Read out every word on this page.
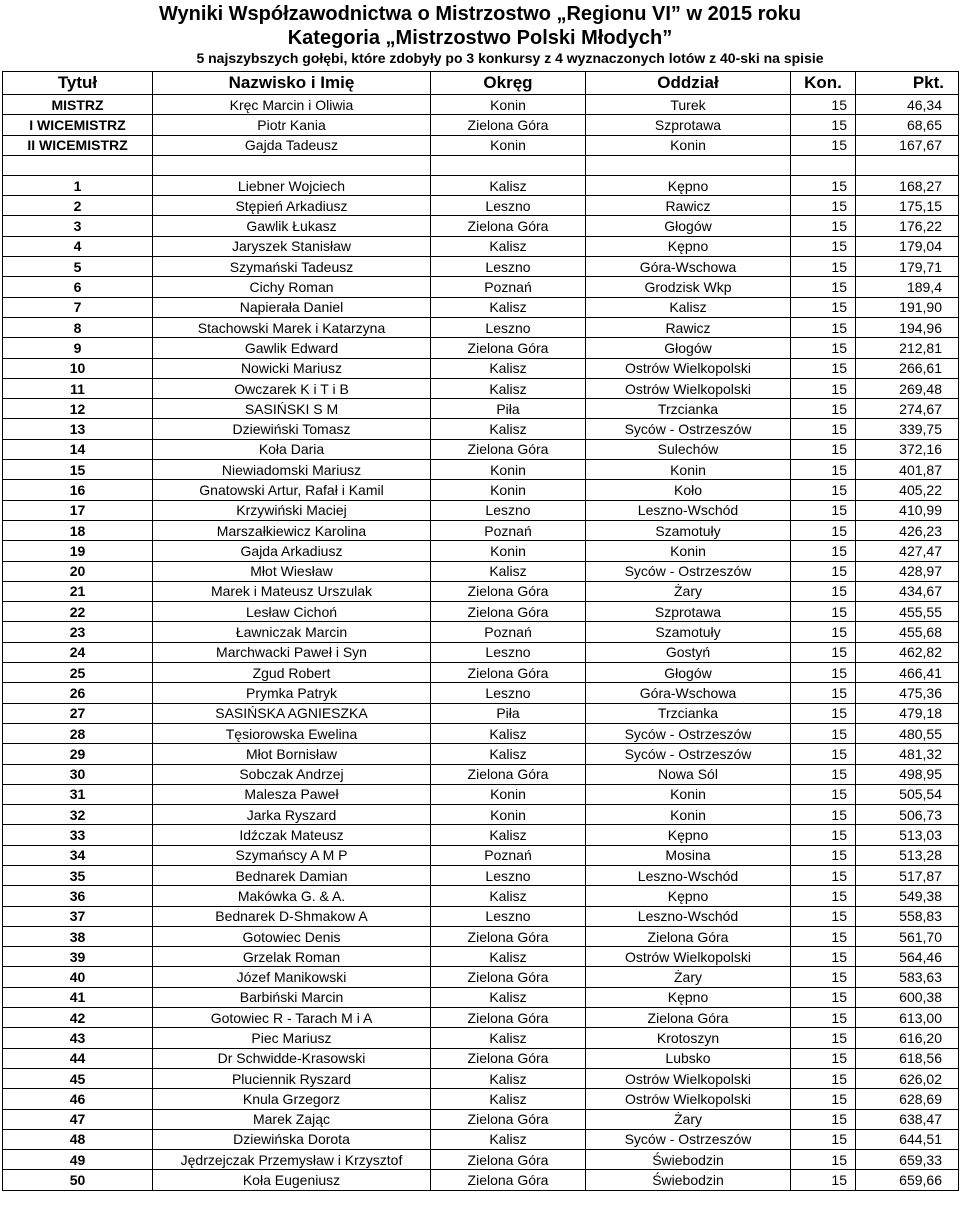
Wyniki Współzawodnictwa o Mistrzostwo „Regionu VI” w 2015 roku
Kategoria „Mistrzostwo Polski Młodych”
5 najszybszych gołębi, które zdobyły po 3 konkursy z 4 wyznaczonych lotów z 40-ski na spisie
Tytuł	Nazwisko i Imię	Okręg	Oddział	Kon.	Pkt.
MISTRZ	Kręc Marcin i Oliwia	Konin	Turek	15	46,34
I WICEMISTRZ	Piotr Kania	Zielona Góra	Szprotawa	15	68,65
II WICEMISTRZ	Gajda Tadeusz	Konin	Konin	15	167,67

1	Liebner Wojciech	Kalisz	Kępno	15	168,27
2	Stępień Arkadiusz	Leszno	Rawicz	15	175,15
3	Gawlik Łukasz	Zielona Góra	Głogów	15	176,22
4	Jaryszek Stanisław	Kalisz	Kępno	15	179,04
5	Szymański Tadeusz	Leszno	Góra-Wschowa	15	179,71
6	Cichy Roman	Poznań	Grodzisk Wkp	15	189,4
7	Napierała Daniel	Kalisz	Kalisz	15	191,90
8	Stachowski Marek i Katarzyna	Leszno	Rawicz	15	194,96
9	Gawlik Edward	Zielona Góra	Głogów	15	212,81
10	Nowicki Mariusz	Kalisz	Ostrów Wielkopolski	15	266,61
11	Owczarek K i T i B	Kalisz	Ostrów Wielkopolski	15	269,48
12	SASIŃSKI S M	Piła	Trzcianka	15	274,67
13	Dziewiński Tomasz	Kalisz	Syców - Ostrzeszów	15	339,75
14	Koła Daria	Zielona Góra	Sulechów	15	372,16
15	Niewiadomski Mariusz	Konin	Konin	15	401,87
16	Gnatowski Artur, Rafał i Kamil	Konin	Koło	15	405,22
17	Krzywiński Maciej	Leszno	Leszno-Wschód	15	410,99
18	Marszałkiewicz Karolina	Poznań	Szamotuły	15	426,23
19	Gajda Arkadiusz	Konin	Konin	15	427,47
20	Młot Wiesław	Kalisz	Syców - Ostrzeszów	15	428,97
21	Marek i Mateusz Urszulak	Zielona Góra	Żary	15	434,67
22	Lesław Cichoń	Zielona Góra	Szprotawa	15	455,55
23	Ławniczak Marcin	Poznań	Szamotuły	15	455,68
24	Marchwacki Paweł i Syn	Leszno	Gostyń	15	462,82
25	Zgud Robert	Zielona Góra	Głogów	15	466,41
26	Prymka Patryk	Leszno	Góra-Wschowa	15	475,36
27	SASIŃSKA AGNIESZKA	Piła	Trzcianka	15	479,18
28	Tęsiorowska Ewelina	Kalisz	Syców - Ostrzeszów	15	480,55
29	Młot Bornisław	Kalisz	Syców - Ostrzeszów	15	481,32
30	Sobczak Andrzej	Zielona Góra	Nowa Sól	15	498,95
31	Malesza Paweł	Konin	Konin	15	505,54
32	Jarka Ryszard	Konin	Konin	15	506,73
33	Idźczak Mateusz	Kalisz	Kępno	15	513,03
34	Szymańscy A M P	Poznań	Mosina	15	513,28
35	Bednarek Damian	Leszno	Leszno-Wschód	15	517,87
36	Makówka G. & A.	Kalisz	Kępno	15	549,38
37	Bednarek D-Shmakow A	Leszno	Leszno-Wschód	15	558,83
38	Gotowiec Denis	Zielona Góra	Zielona Góra	15	561,70
39	Grzelak Roman	Kalisz	Ostrów Wielkopolski	15	564,46
40	Józef Manikowski	Zielona Góra	Żary	15	583,63
41	Barbiński Marcin	Kalisz	Kępno	15	600,38
42	Gotowiec R - Tarach M i A	Zielona Góra	Zielona Góra	15	613,00
43	Piec Mariusz	Kalisz	Krotoszyn	15	616,20
44	Dr Schwidde-Krasowski	Zielona Góra	Lubsko	15	618,56
45	Pluciennik Ryszard	Kalisz	Ostrów Wielkopolski	15	626,02
46	Knula Grzegorz	Kalisz	Ostrów Wielkopolski	15	628,69
47	Marek Zając	Zielona Góra	Żary	15	638,47
48	Dziewińska Dorota	Kalisz	Syców - Ostrzeszów	15	644,51
49	Jędrzejczak Przemysław i Krzysztof	Zielona Góra	Świebodzin	15	659,33
50	Koła Eugeniusz	Zielona Góra	Świebodzin	15	659,66
